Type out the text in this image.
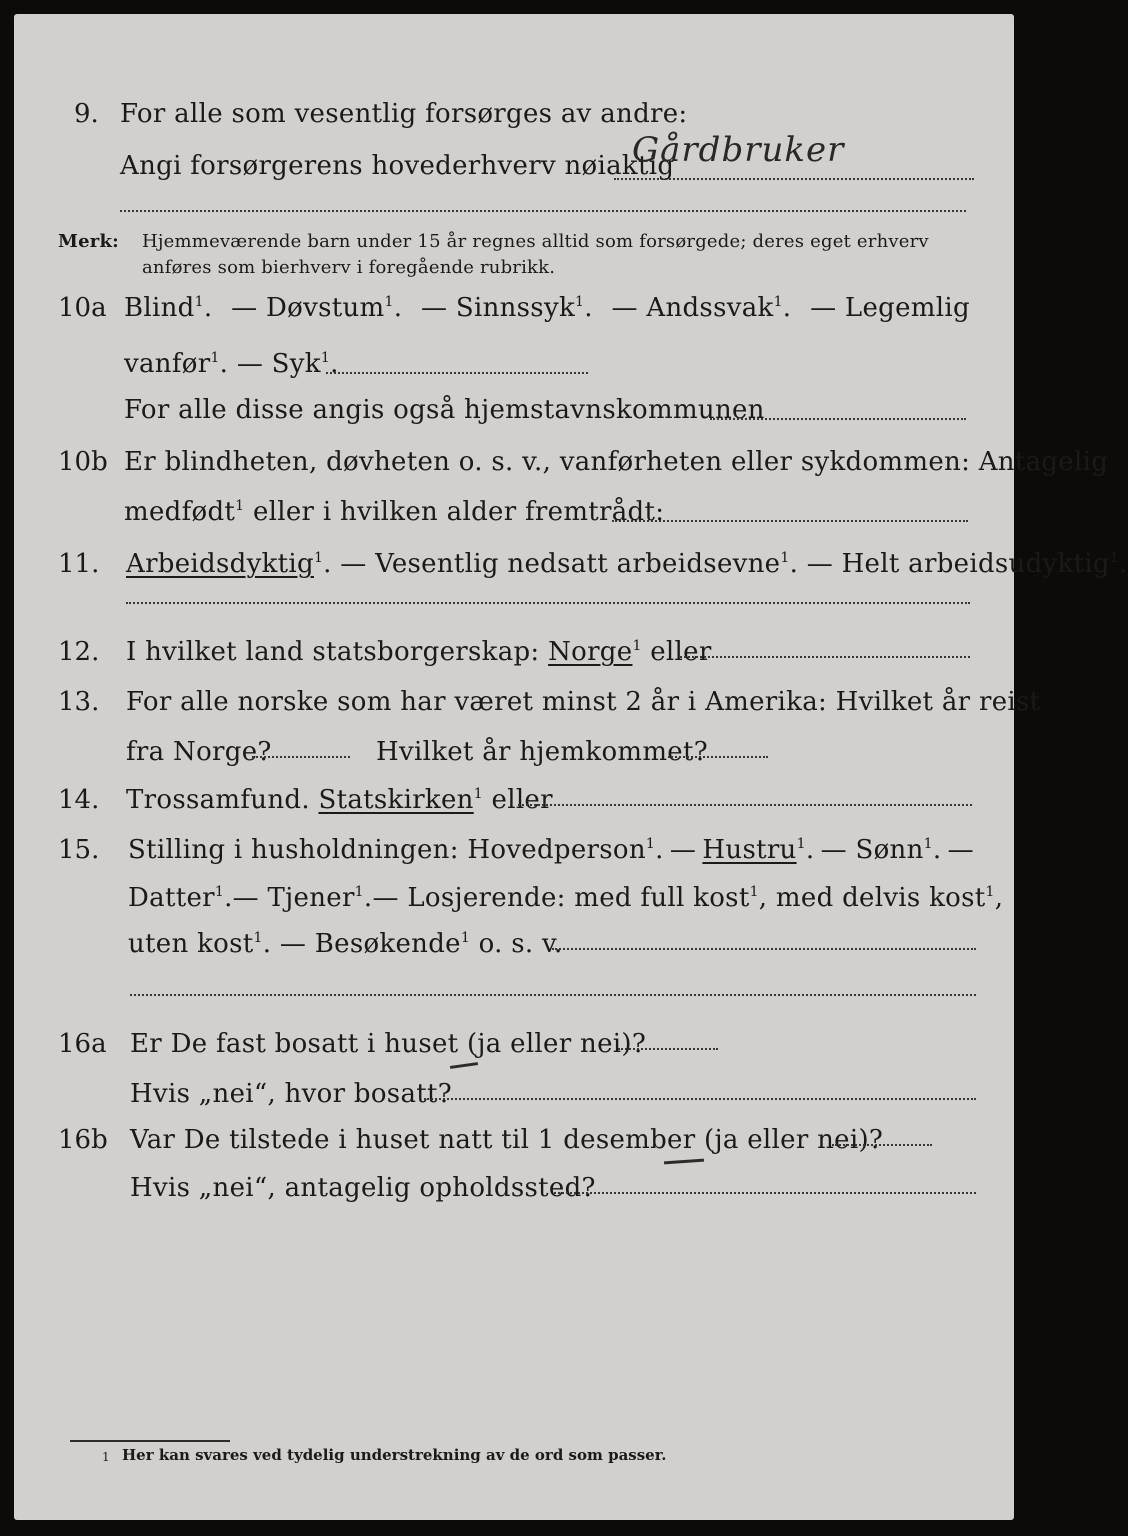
9. For alle som vesentlig forsørges av andre:
Angi forsørgerens hovederhverv nøiaktig
Gårdbruker
Merk: Hjemmeværende barn under 15 år regnes alltid som forsørgede; deres eget erhverv
anføres som bierhverv i foregående rubrikk.
10a Blind$^1$. — Døvstum$^1$. — Sinnssyk$^1$. — Andssvak$^1$. — Legemlig
vanfør$^1$. — Syk$^1$.
For alle disse angis også hjemstavnskommunen
10b Er blindheten, døvheten o. s. v., vanførheten eller sykdommen: Antagelig
medfødt$^1$ eller i hvilken alder fremtrådt:
11.	Arbeidsdyktig$^1$. — Vesentlig nedsatt arbeidsevne$^1$. — Helt arbeidsudyktig$^1$.
12.	I hvilket land statsborgerskap: Norge$^1$ eller
13.	For alle norske som har været minst 2 år i Amerika: Hvilket år reist
fra Norge?	Hvilket år hjemkommet?
14.	Trossamfund. Statskirken$^1$ eller
15.	Stilling i husholdningen: Hovedperson$^1$. — Hustru$^1$. — Sønn$^1$. —
Datter$^1$. — Tjener$^1$. — Losjerende: med full kost$^1$, med delvis kost$^1$,
uten kost$^1$. — Besøkende$^1$ o. s. v.
16a Er De fast bosatt i huset (ja eller nei)?
Hvis „nei“, hvor bosatt?
16b Var De tilstede i huset natt til 1 desember (ja eller nei)?
Hvis „nei“, antagelig opholdssted?
1 Her kan svares ved tydelig understrekning av de ord som passer.
